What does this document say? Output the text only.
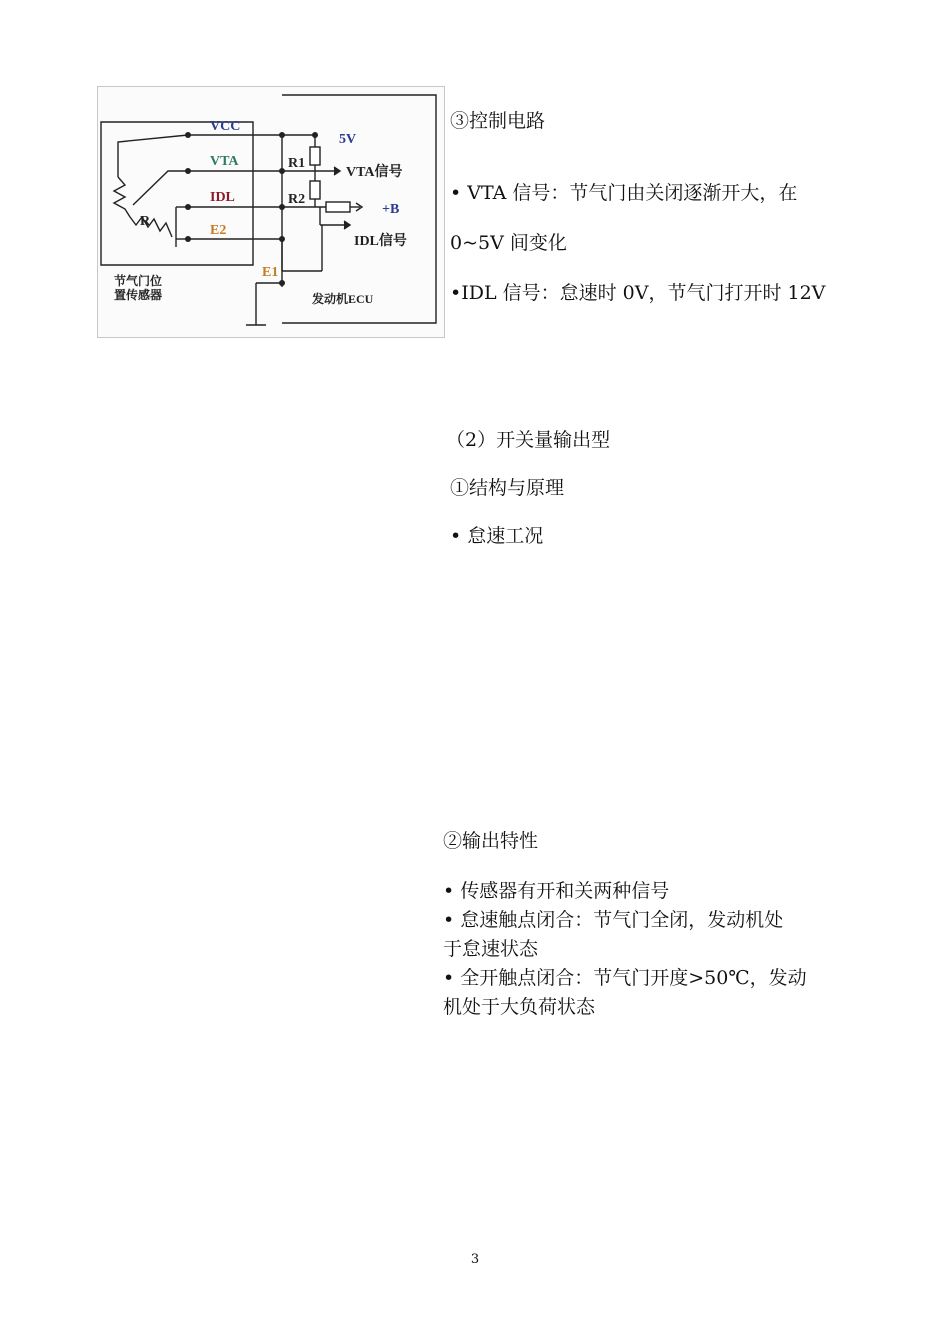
VCC
VTA
IDL
E2
R
R1
R2
5V
VTA信号
+B
IDL信号
E1
节气门位
置传感器	发动机ECU
③控制电路
• VTA 信号：节气门由关闭逐渐开大，在
0~5V 间变化
•IDL 信号：怠速时 0V，节气门打开时 12V
（2）开关量输出型
①结构与原理
• 怠速工况
②输出特性
• 传感器有开和关两种信号
• 怠速触点闭合：节气门全闭，发动机处
于怠速状态
• 全开触点闭合：节气门开度>50℃，发动
机处于大负荷状态
3
